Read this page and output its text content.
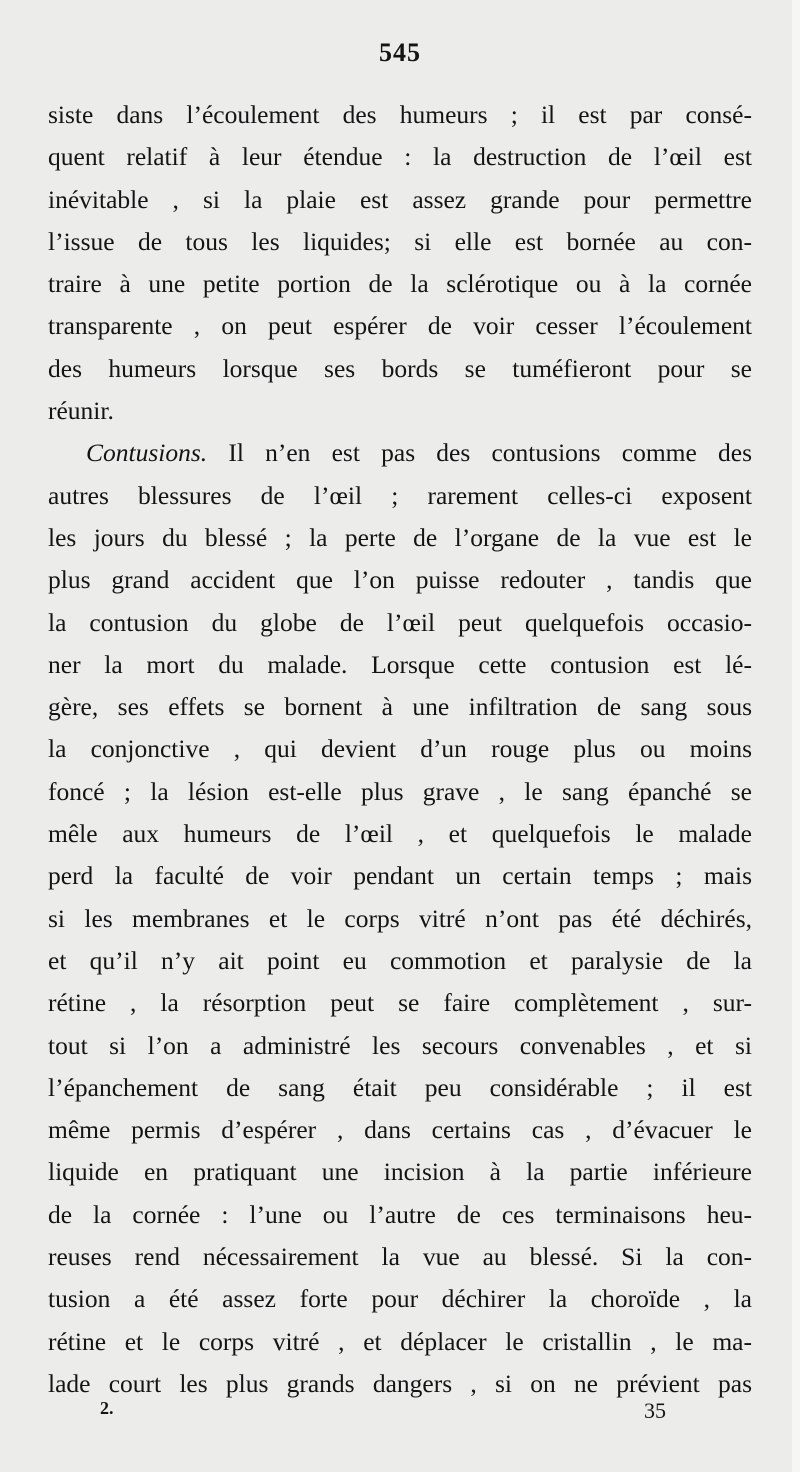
545
siste dans l’écoulement des humeurs ; il est par consé-
quent relatif à leur étendue : la destruction de l’œil est
inévitable , si la plaie est assez grande pour permettre
l’issue de tous les liquides; si elle est bornée au con-
traire à une petite portion de la sclérotique ou à la cornée
transparente , on peut espérer de voir cesser l’écoulement
des humeurs lorsque ses bords se tuméfieront pour se
réunir.
Contusions. Il n’en est pas des contusions comme des
autres blessures de l’œil ; rarement celles-ci exposent
les jours du blessé ; la perte de l’organe de la vue est le
plus grand accident que l’on puisse redouter , tandis que
la contusion du globe de l’œil peut quelquefois occasio-
ner la mort du malade. Lorsque cette contusion est lé-
gère, ses effets se bornent à une infiltration de sang sous
la conjonctive , qui devient d’un rouge plus ou moins
foncé ; la lésion est-elle plus grave , le sang épanché se
mêle aux humeurs de l’œil , et quelquefois le malade
perd la faculté de voir pendant un certain temps ; mais
si les membranes et le corps vitré n’ont pas été déchirés,
et qu’il n’y ait point eu commotion et paralysie de la
rétine , la résorption peut se faire complètement , sur-
tout si l’on a administré les secours convenables , et si
l’épanchement de sang était peu considérable ; il est
même permis d’espérer , dans certains cas , d’évacuer le
liquide en pratiquant une incision à la partie inférieure
de la cornée : l’une ou l’autre de ces terminaisons heu-
reuses rend nécessairement la vue au blessé. Si la con-
tusion a été assez forte pour déchirer la choroïde , la
rétine et le corps vitré , et déplacer le cristallin , le ma-
lade court les plus grands dangers , si on ne prévient pas
2.	35
